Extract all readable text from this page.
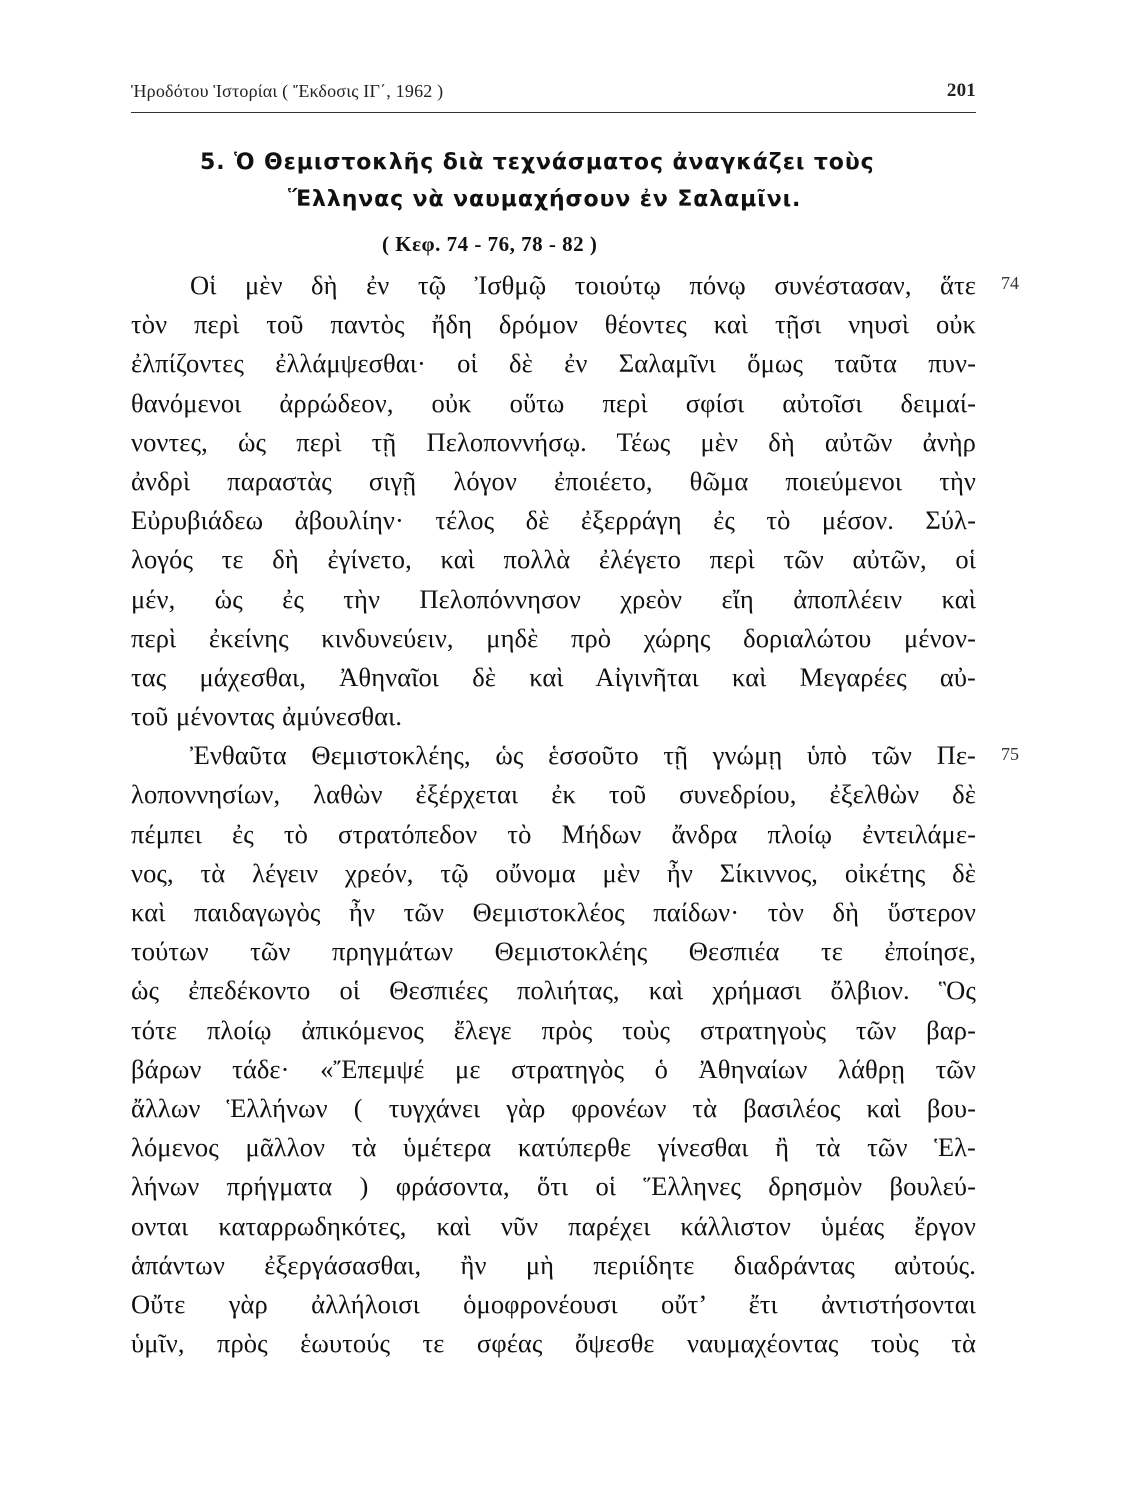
Ἡροδότου Ἱστορίαι ( Ἔκδοσις ΙΓ΄, 1962 )	201
5. Ὁ Θεμιστοκλῆς διὰ τεχνάσματος ἀναγκάζει τοὺς
Ἕλληνας νὰ ναυμαχήσουν ἐν Σαλαμῖνι.
( Κεφ. 74 - 76, 78 - 82 )
Οἱ μὲν δὴ ἐν τῷ Ἰσθμῷ τοιούτῳ πόνῳ συνέστασαν, ἅτε
τὸν περὶ τοῦ παντὸς ἤδη δρόμον θέοντες καὶ τῇσι νηυσὶ οὐκ
ἐλπίζοντες ἐλλάμψεσθαι· οἱ δὲ ἐν Σαλαμῖνι ὅμως ταῦτα πυν-
θανόμενοι ἀρρώδεον, οὐκ οὕτω περὶ σφίσι αὐτοῖσι δειμαί-
νοντες, ὡς περὶ τῇ Πελοποννήσῳ. Τέως μὲν δὴ αὐτῶν ἀνὴρ
ἀνδρὶ παραστὰς σιγῇ λόγον ἐποιέετο, θῶμα ποιεύμενοι τὴν
Εὐρυβιάδεω ἀβουλίην· τέλος δὲ ἐξερράγη ἐς τὸ μέσον. Σύλ-
λογός τε δὴ ἐγίνετο, καὶ πολλὰ ἐλέγετο περὶ τῶν αὐτῶν, οἱ
μέν, ὡς ἐς τὴν Πελοπόννησον χρεὸν εἴη ἀποπλέειν καὶ
περὶ ἐκείνης κινδυνεύειν, μηδὲ πρὸ χώρης δοριαλώτου μένον-
τας μάχεσθαι, Ἀθηναῖοι δὲ καὶ Αἰγινῆται καὶ Μεγαρέες αὐ-
τοῦ μένοντας ἀμύνεσθαι.
Ἐνθαῦτα Θεμιστοκλέης, ὡς ἑσσοῦτο τῇ γνώμῃ ὑπὸ τῶν Πε-
λοποννησίων, λαθὼν ἐξέρχεται ἐκ τοῦ συνεδρίου, ἐξελθὼν δὲ
πέμπει ἐς τὸ στρατόπεδον τὸ Μήδων ἄνδρα πλοίῳ ἐντειλάμε-
νος, τὰ λέγειν χρεόν, τῷ οὔνομα μὲν ἦν Σίκιννος, οἰκέτης δὲ
καὶ παιδαγωγὸς ἦν τῶν Θεμιστοκλέος παίδων· τὸν δὴ ὕστερον
τούτων τῶν πρηγμάτων Θεμιστοκλέης Θεσπιέα τε ἐποίησε,
ὡς ἐπεδέκοντο οἱ Θεσπιέες πολιήτας, καὶ χρήμασι ὄλβιον. Ὃς
τότε πλοίῳ ἀπικόμενος ἔλεγε πρὸς τοὺς στρατηγοὺς τῶν βαρ-
βάρων τάδε· «Ἔπεμψέ με στρατηγὸς ὁ Ἀθηναίων λάθρῃ τῶν
ἄλλων Ἑλλήνων ( τυγχάνει γὰρ φρονέων τὰ βασιλέος καὶ βου-
λόμενος μᾶλλον τὰ ὑμέτερα κατύπερθε γίνεσθαι ἢ τὰ τῶν Ἑλ-
λήνων πρήγματα ) φράσοντα, ὅτι οἱ Ἕλληνες δρησμὸν βουλεύ-
ονται καταρρωδηκότες, καὶ νῦν παρέχει κάλλιστον ὑμέας ἔργον
ἁπάντων ἐξεργάσασθαι, ἢν μὴ περιίδητε διαδράντας αὐτούς.
Οὔτε γὰρ ἀλλήλοισι ὁμοφρονέουσι οὔτ’ ἔτι ἀντιστήσονται
ὑμῖν, πρὸς ἑωυτούς τε σφέας ὄψεσθε ναυμαχέοντας τοὺς τὰ
74
75
